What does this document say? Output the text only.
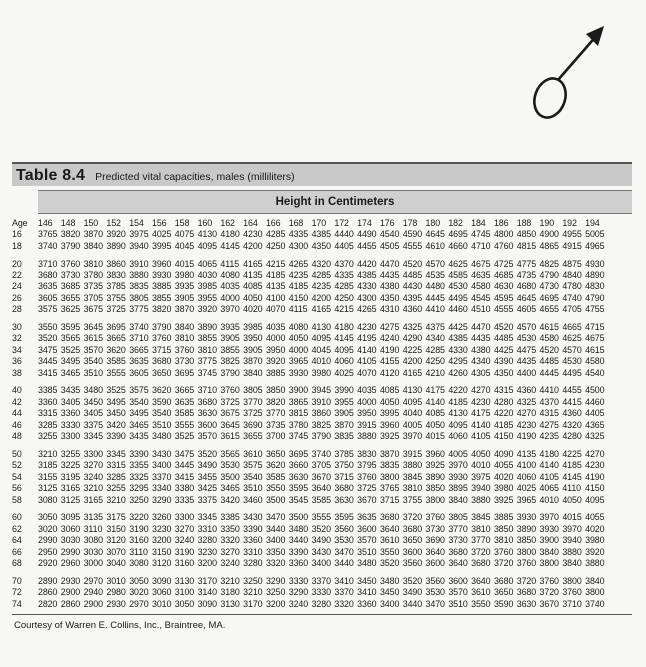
Table 8.4 Predicted vital capacities, males (milliliters)
Height in Centimeters
Age	146	148	150	152	154	156	158	160	162	164	166	168	170	172	174	176	178	180	182	184	186	188	190	192	194
16	3765	3820	3870	3920	3975	4025	4075	4130	4180	4230	4285	4335	4385	4440	4490	4540	4590	4645	4695	4745	4800	4850	4900	4955	5005
18	3740	3790	3840	3890	3940	3995	4045	4095	4145	4200	4250	4300	4350	4405	4455	4505	4555	4610	4660	4710	4760	4815	4865	4915	4965

20	3710	3760	3810	3860	3910	3960	4015	4065	4115	4165	4215	4265	4320	4370	4420	4470	4520	4570	4625	4675	4725	4775	4825	4875	4930
22	3680	3730	3780	3830	3880	3930	3980	4030	4080	4135	4185	4235	4285	4335	4385	4435	4485	4535	4585	4635	4685	4735	4790	4840	4890
24	3635	3685	3735	3785	3835	3885	3935	3985	4035	4085	4135	4185	4235	4285	4330	4380	4430	4480	4530	4580	4630	4680	4730	4780	4830
26	3605	3655	3705	3755	3805	3855	3905	3955	4000	4050	4100	4150	4200	4250	4300	4350	4395	4445	4495	4545	4595	4645	4695	4740	4790
28	3575	3625	3675	3725	3775	3820	3870	3920	3970	4020	4070	4115	4165	4215	4265	4310	4360	4410	4460	4510	4555	4605	4655	4705	4755

30	3550	3595	3645	3695	3740	3790	3840	3890	3935	3985	4035	4080	4130	4180	4230	4275	4325	4375	4425	4470	4520	4570	4615	4665	4715
32	3520	3565	3615	3665	3710	3760	3810	3855	3905	3950	4000	4050	4095	4145	4195	4240	4290	4340	4385	4435	4485	4530	4580	4625	4675
34	3475	3525	3570	3620	3665	3715	3760	3810	3855	3905	3950	4000	4045	4095	4140	4190	4225	4285	4330	4380	4425	4475	4520	4570	4615
36	3445	3495	3540	3585	3635	3680	3730	3775	3825	3870	3920	3965	4010	4060	4105	4155	4200	4250	4295	4340	4390	4435	4485	4530	4580
38	3415	3465	3510	3555	3605	3650	3695	3745	3790	3840	3885	3930	3980	4025	4070	4120	4165	4210	4260	4305	4350	4400	4445	4495	4540

40	3385	3435	3480	3525	3575	3620	3665	3710	3760	3805	3850	3900	3945	3990	4035	4085	4130	4175	4220	4270	4315	4360	4410	4455	4500
42	3360	3405	3450	3495	3540	3590	3635	3680	3725	3770	3820	3865	3910	3955	4000	4050	4095	4140	4185	4230	4280	4325	4370	4415	4460
44	3315	3360	3405	3450	3495	3540	3585	3630	3675	3725	3770	3815	3860	3905	3950	3995	4040	4085	4130	4175	4220	4270	4315	4360	4405
46	3285	3330	3375	3420	3465	3510	3555	3600	3645	3690	3735	3780	3825	3870	3915	3960	4005	4050	4095	4140	4185	4230	4275	4320	4365
48	3255	3300	3345	3390	3435	3480	3525	3570	3615	3655	3700	3745	3790	3835	3880	3925	3970	4015	4060	4105	4150	4190	4235	4280	4325

50	3210	3255	3300	3345	3390	3430	3475	3520	3565	3610	3650	3695	3740	3785	3830	3870	3915	3960	4005	4050	4090	4135	4180	4225	4270
52	3185	3225	3270	3315	3355	3400	3445	3490	3530	3575	3620	3660	3705	3750	3795	3835	3880	3925	3970	4010	4055	4100	4140	4185	4230
54	3155	3195	3240	3285	3325	3370	3415	3455	3500	3540	3585	3630	3670	3715	3760	3800	3845	3890	3930	3975	4020	4060	4105	4145	4190
56	3125	3165	3210	3255	3295	3340	3380	3425	3465	3510	3550	3595	3640	3680	3725	3765	3810	3850	3895	3940	3980	4025	4065	4110	4150
58	3080	3125	3165	3210	3250	3290	3335	3375	3420	3460	3500	3545	3585	3630	3670	3715	3755	3800	3840	3880	3925	3965	4010	4050	4095

60	3050	3095	3135	3175	3220	3260	3300	3345	3385	3430	3470	3500	3555	3595	3635	3680	3720	3760	3805	3845	3885	3930	3970	4015	4055
62	3020	3060	3110	3150	3190	3230	3270	3310	3350	3390	3440	3480	3520	3560	3600	3640	3680	3730	3770	3810	3850	3890	3930	3970	4020
64	2990	3030	3080	3120	3160	3200	3240	3280	3320	3360	3400	3440	3490	3530	3570	3610	3650	3690	3730	3770	3810	3850	3900	3940	3980
66	2950	2990	3030	3070	3110	3150	3190	3230	3270	3310	3350	3390	3430	3470	3510	3550	3600	3640	3680	3720	3760	3800	3840	3880	3920
68	2920	2960	3000	3040	3080	3120	3160	3200	3240	3280	3320	3360	3400	3440	3480	3520	3560	3600	3640	3680	3720	3760	3800	3840	3880

70	2890	2930	2970	3010	3050	3090	3130	3170	3210	3250	3290	3330	3370	3410	3450	3480	3520	3560	3600	3640	3680	3720	3760	3800	3840
72	2860	2900	2940	2980	3020	3060	3100	3140	3180	3210	3250	3290	3330	3370	3410	3450	3490	3530	3570	3610	3650	3680	3720	3760	3800
74	2820	2860	2900	2930	2970	3010	3050	3090	3130	3170	3200	3240	3280	3320	3360	3400	3440	3470	3510	3550	3590	3630	3670	3710	3740
Courtesy of Warren E. Collins, Inc., Braintree, MA.
